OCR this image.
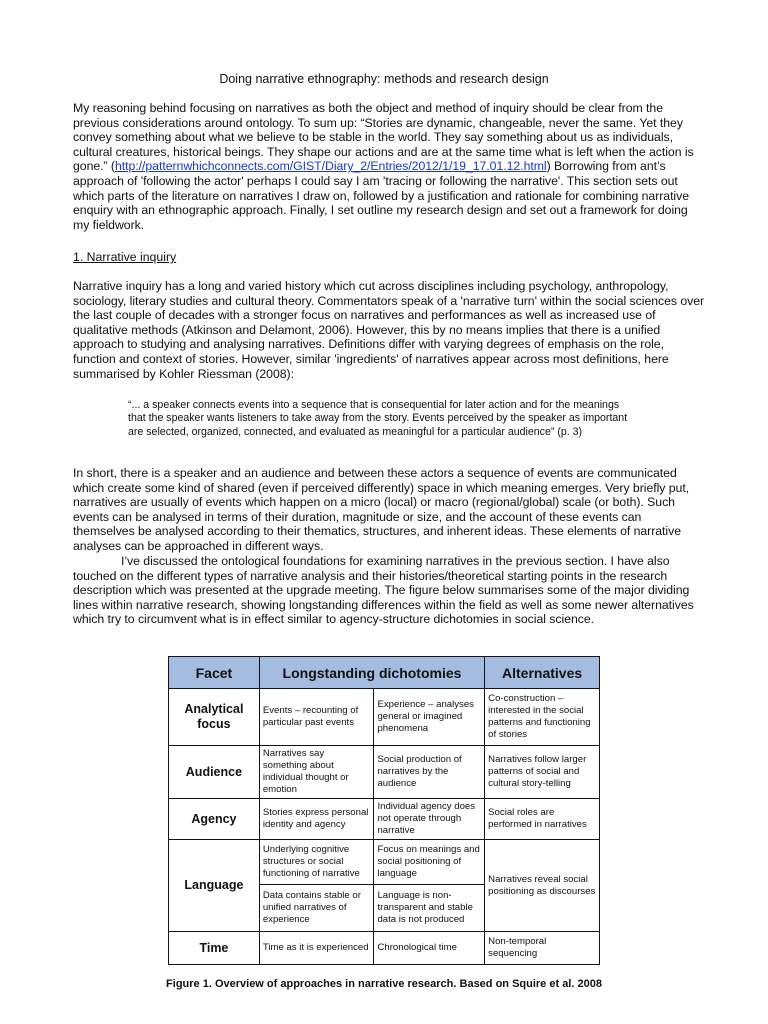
Doing narrative ethnography: methods and research design

My reasoning behind focusing on narratives as both the object and method of inquiry should be clear from the previous considerations around ontology. To sum up: “Stories are dynamic, changeable, never the same. Yet they convey something about what we believe to be stable in the world. They say something about us as individuals, cultural creatures, historical beings. They shape our actions and are at the same time what is left when the action is gone.” (http://patternwhichconnects.com/GIST/Diary_2/Entries/2012/1/19_17.01.12.html) Borrowing from ant’s approach of 'following the actor' perhaps I could say I am 'tracing or following the narrative'. This section sets out which parts of the literature on narratives I draw on, followed by a justification and rationale for combining narrative enquiry with an ethnographic approach. Finally, I set outline my research design and set out a framework for doing my fieldwork.

1. Narrative inquiry

Narrative inquiry has a long and varied history which cut across disciplines including psychology, anthropology, sociology, literary studies and cultural theory. Commentators speak of a 'narrative turn' within the social sciences over the last couple of decades with a stronger focus on narratives and performances as well as increased use of qualitative methods (Atkinson and Delamont, 2006). However, this by no means implies that there is a unified approach to studying and analysing narratives. Definitions differ with varying degrees of emphasis on the role, function and context of stories. However, similar 'ingredients' of narratives appear across most definitions, here summarised by Kohler Riessman (2008):

“... a speaker connects events into a sequence that is consequential for later action and for the meanings that the speaker wants listeners to take away from the story. Events perceived by the speaker as important are selected, organized, connected, and evaluated as meaningful for a particular audience” (p. 3)

In short, there is a speaker and an audience and between these actors a sequence of events are communicated which create some kind of shared (even if perceived differently) space in which meaning emerges. Very briefly put, narratives are usually of events which happen on a micro (local) or macro (regional/global) scale (or both). Such events can be analysed in terms of their duration, magnitude or size, and the account of these events can themselves be analysed according to their thematics, structures, and inherent ideas. These elements of narrative analyses can be approached in different ways.

I’ve discussed the ontological foundations for examining narratives in the previous section. I have also touched on the different types of narrative analysis and their histories/theoretical starting points in the research description which was presented at the upgrade meeting. The figure below summarises some of the major dividing lines within narrative research, showing longstanding differences within the field as well as some newer alternatives which try to circumvent what is in effect similar to agency-structure dichotomies in social science.

Facet	Longstanding dichotomies		Alternatives
Analytical focus	Events – recounting of particular past events	Experience – analyses general or imagined phenomena	Co-construction – interested in the social patterns and functioning of stories
Audience	Narratives say something about individual thought or emotion	Social production of narratives by the audience	Narratives follow larger patterns of social and cultural story-telling
Agency	Stories express personal identity and agency	Individual agency does not operate through narrative	Social roles are performed in narratives
Language	Underlying cognitive structures or social functioning of narrative	Focus on meanings and social positioning of language	Narratives reveal social positioning as discourses
	Data contains stable or unified narratives of experience	Language is non-transparent and stable data is not produced	
Time	Time as it is experienced	Chronological time	Non-temporal sequencing
Figure 1. Overview of approaches in narrative research. Based on Squire et al. 2008
